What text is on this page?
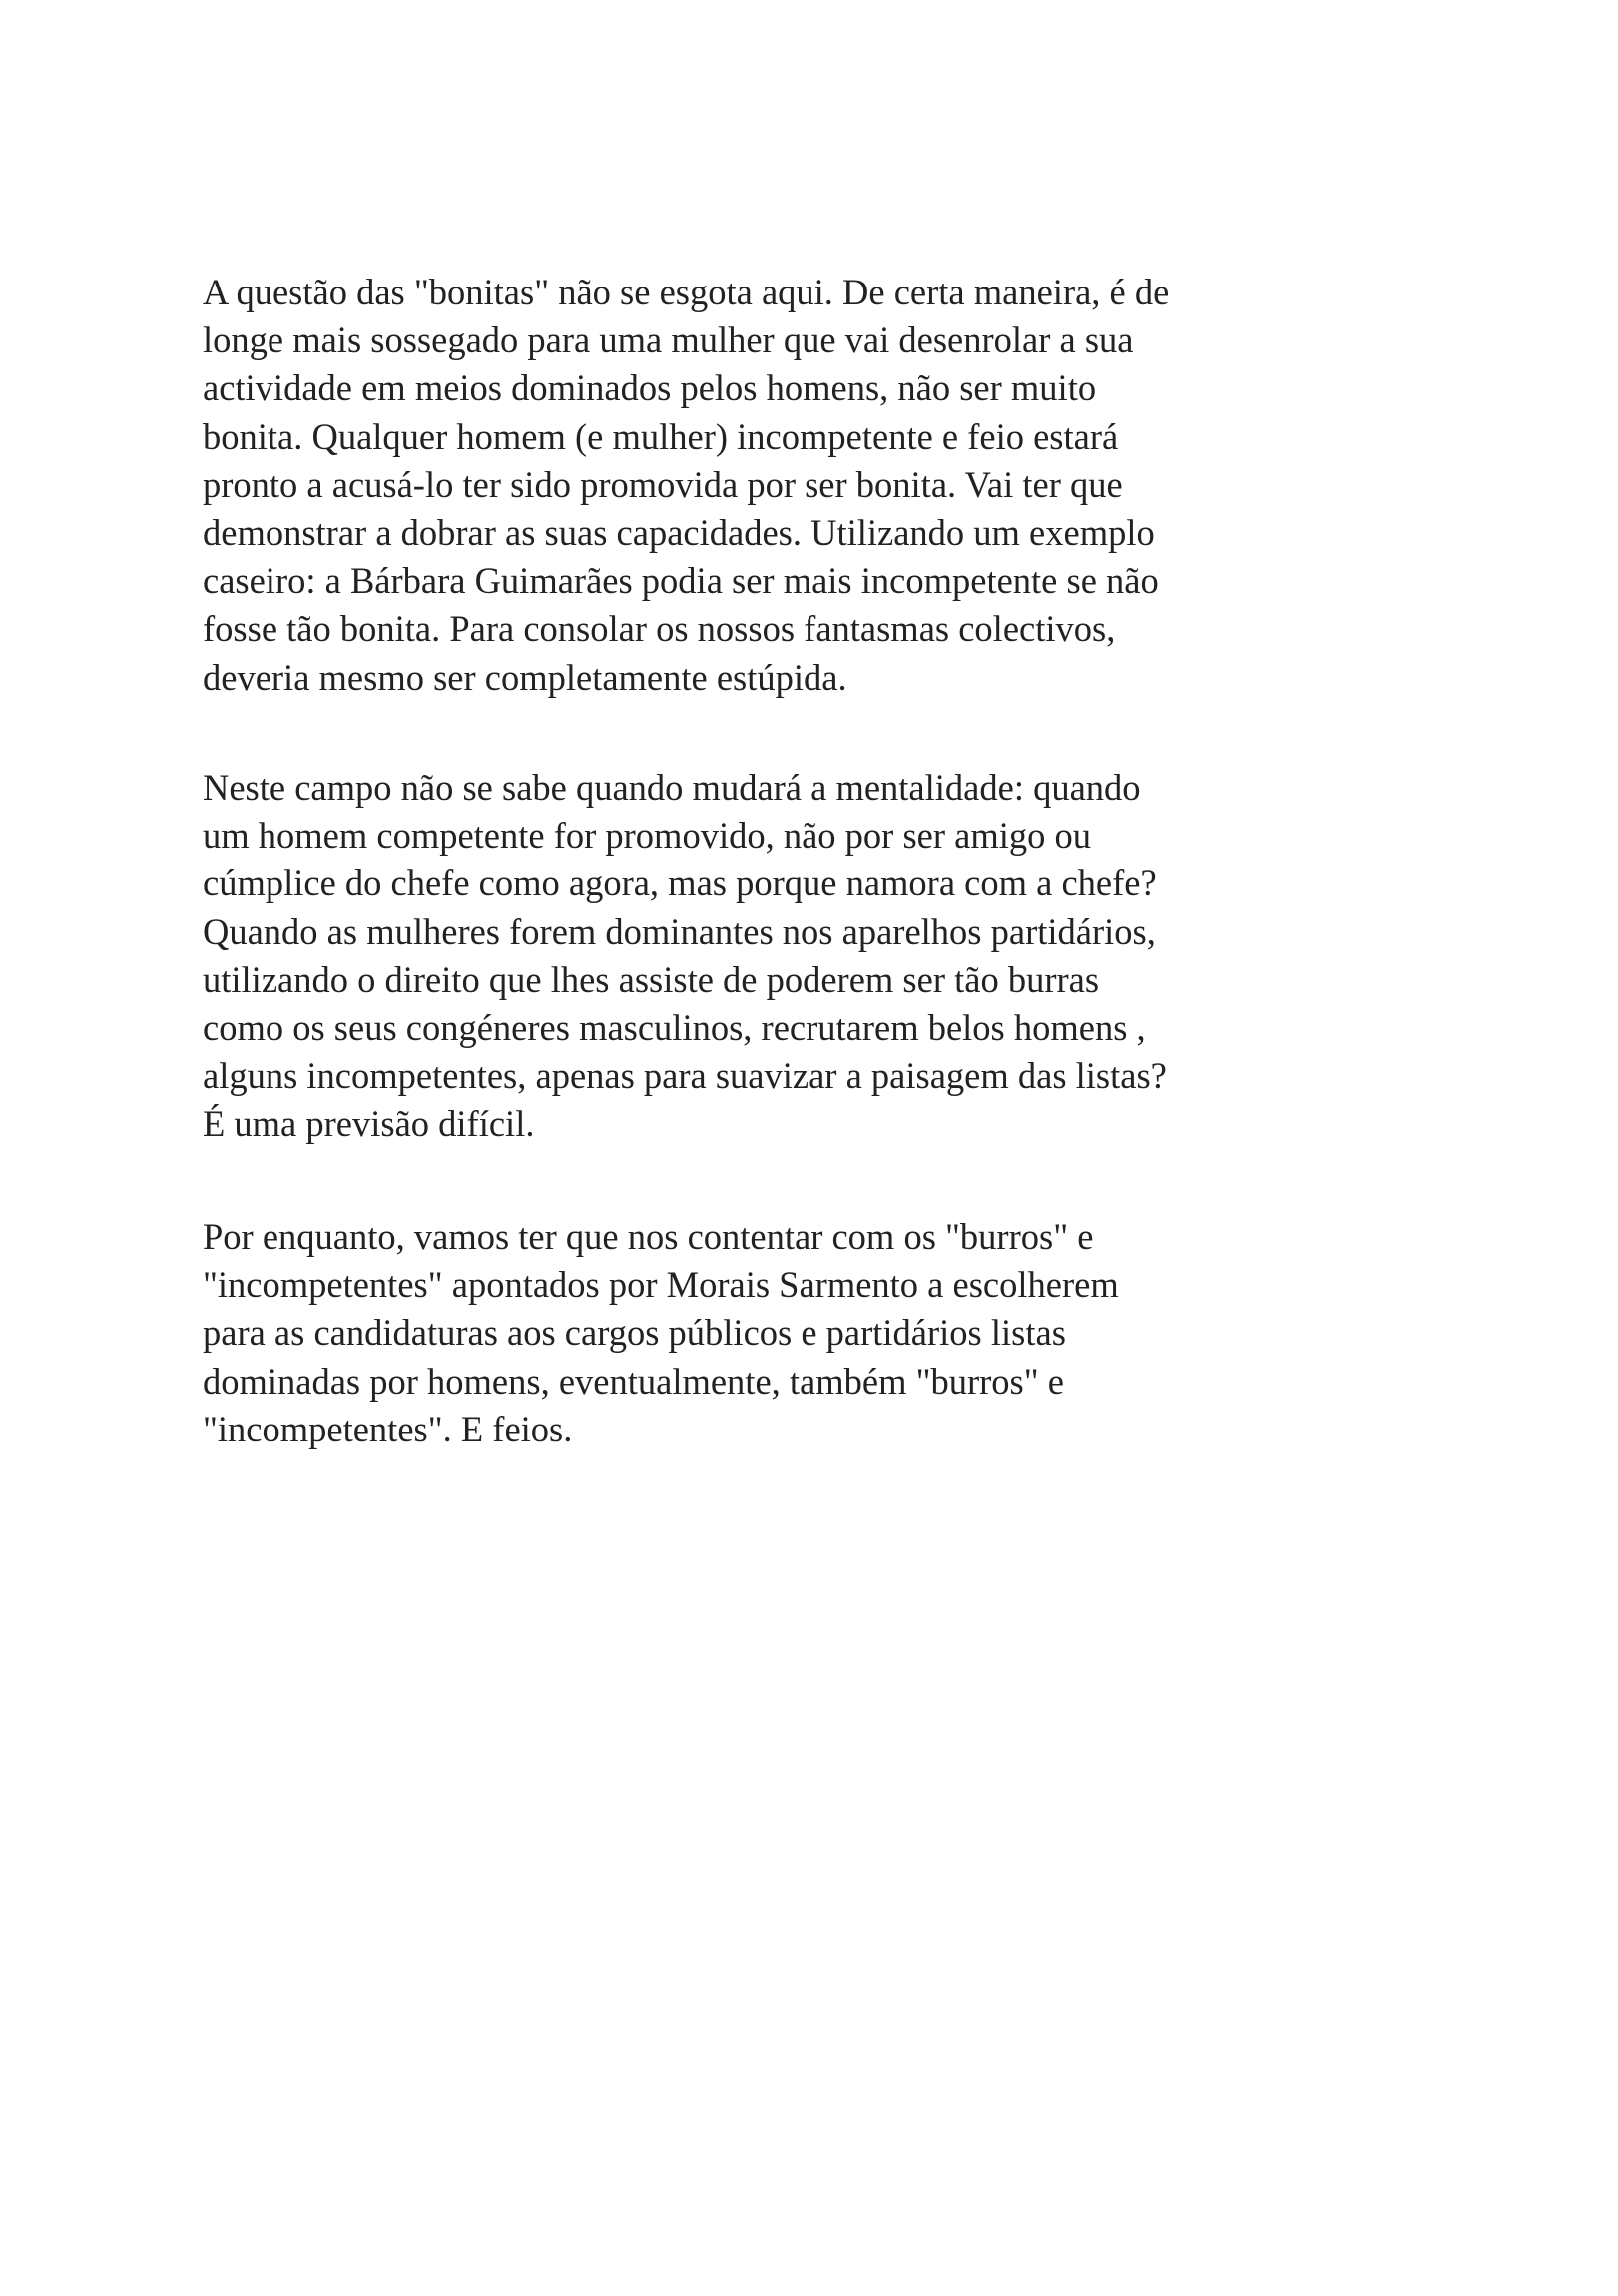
A questão das "bonitas" não se esgota aqui. De certa maneira, é de
longe mais sossegado para uma mulher que vai desenrolar a sua
actividade em meios dominados pelos homens, não ser muito
bonita. Qualquer homem (e mulher) incompetente e feio estará
pronto a acusá-lo ter sido promovida por ser bonita. Vai ter que
demonstrar a dobrar as suas capacidades. Utilizando um exemplo
caseiro: a Bárbara Guimarães podia ser mais incompetente se não
fosse tão bonita. Para consolar os nossos fantasmas colectivos,
deveria mesmo ser completamente estúpida.
Neste campo não se sabe quando mudará a mentalidade: quando
um homem competente for promovido, não por ser amigo ou
cúmplice do chefe como agora, mas porque namora com a chefe?
Quando as mulheres forem dominantes nos aparelhos partidários,
utilizando o direito que lhes assiste de poderem ser tão burras
como os seus congéneres masculinos, recrutarem belos homens ,
alguns incompetentes, apenas para suavizar a paisagem das listas?
É uma previsão difícil.
Por enquanto, vamos ter que nos contentar com os "burros" e
"incompetentes" apontados por Morais Sarmento a escolherem
para as candidaturas aos cargos públicos e partidários listas
dominadas por homens, eventualmente, também "burros" e
"incompetentes". E feios.
